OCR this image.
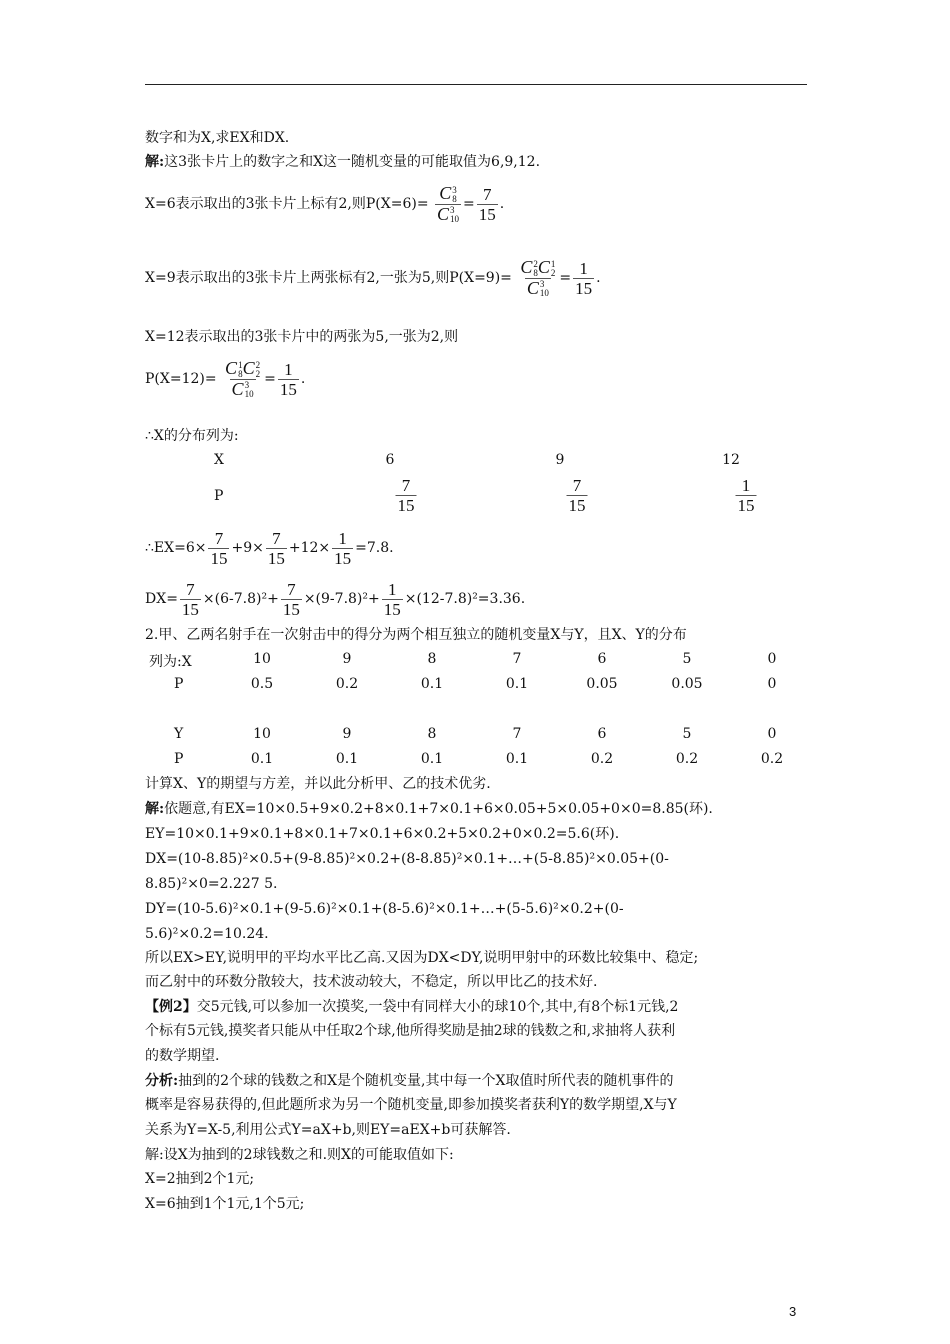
数字和为X,求EX和DX.
解:这3张卡片上的数字之和X这一随机变量的可能取值为6,9,12.
X=6表示取出的3张卡片上标有2,则P(X=6)= C 3
8
C 3
$10 = \frac{7}{15}$ .
X=9表示取出的3张卡片上两张标有2,一张为5,则P(X=9)= C 2
8 C 1
2
C 3
$10 = \frac{1}{15}$ .
X=12表示取出的3张卡片中的两张为5,一张为2,则
P(X=12)= C 1
8 C 2
2
C 3
$10 = \frac{1}{15}$ .
∴X的分布列为:
X	6	9	12
P	$\frac{7}{15}$	$\frac{7}{15}$	$\frac{1}{15}$
∴EX=6× $\frac{7}{15} +9\times \frac{7}{15} +12\times \frac{1}{15} =7.8$.
$DX= \frac{7}{15} \times(6-7.8)^2+ \frac{7}{15} \times(9-7.8)^2+ \frac{1}{15} \times(12-7.8)^2=3.36$.
2.甲、乙两名射手在一次射击中的得分为两个相互独立的随机变量X与Y，且X、Y的分布
列为:X	10	9	8	7	6	5	0
P	0.5	0.2	0.1	0.1	0.05	0.05	0
Y	10	9	8	7	6	5	0
P	0.1	0.1	0.1	0.1	0.2	0.2	0.2
计算X、Y的期望与方差，并以此分析甲、乙的技术优劣.
解:依题意,有EX=10×0.5+9×0.2+8×0.1+7×0.1+6×0.05+5×0.05+0×0=8.85(环).
EY=10×0.1+9×0.1+8×0.1+7×0.1+6×0.2+5×0.2+0×0.2=5.6(环).
DX=(10-8.85)²×0.5+(9-8.85)²×0.2+(8-8.85)²×0.1+…+(5-8.85)²×0.05+(0-
8.85)²×0=2.227 5.
DY=(10-5.6)²×0.1+(9-5.6)²×0.1+(8-5.6)²×0.1+…+(5-5.6)²×0.2+(0-
5.6)²×0.2=10.24.
所以EX>EY,说明甲的平均水平比乙高.又因为DX<DY,说明甲射中的环数比较集中、稳定;
而乙射中的环数分散较大，技术波动较大，不稳定，所以甲比乙的技术好.
【例2】交5元钱,可以参加一次摸奖,一袋中有同样大小的球10个,其中,有8个标1元钱,2
个标有5元钱,摸奖者只能从中任取2个球,他所得奖励是抽2球的钱数之和,求抽将人获利
的数学期望.
分析:抽到的2个球的钱数之和X是个随机变量,其中每一个X取值时所代表的随机事件的
概率是容易获得的,但此题所求为另一个随机变量,即参加摸奖者获利Y的数学期望,X与Y
关系为Y=X-5,利用公式Y=aX+b,则EY=aEX+b可获解答.
解:设X为抽到的2球钱数之和.则X的可能取值如下:
X=2抽到2个1元;
X=6抽到1个1元,1个5元;
3
